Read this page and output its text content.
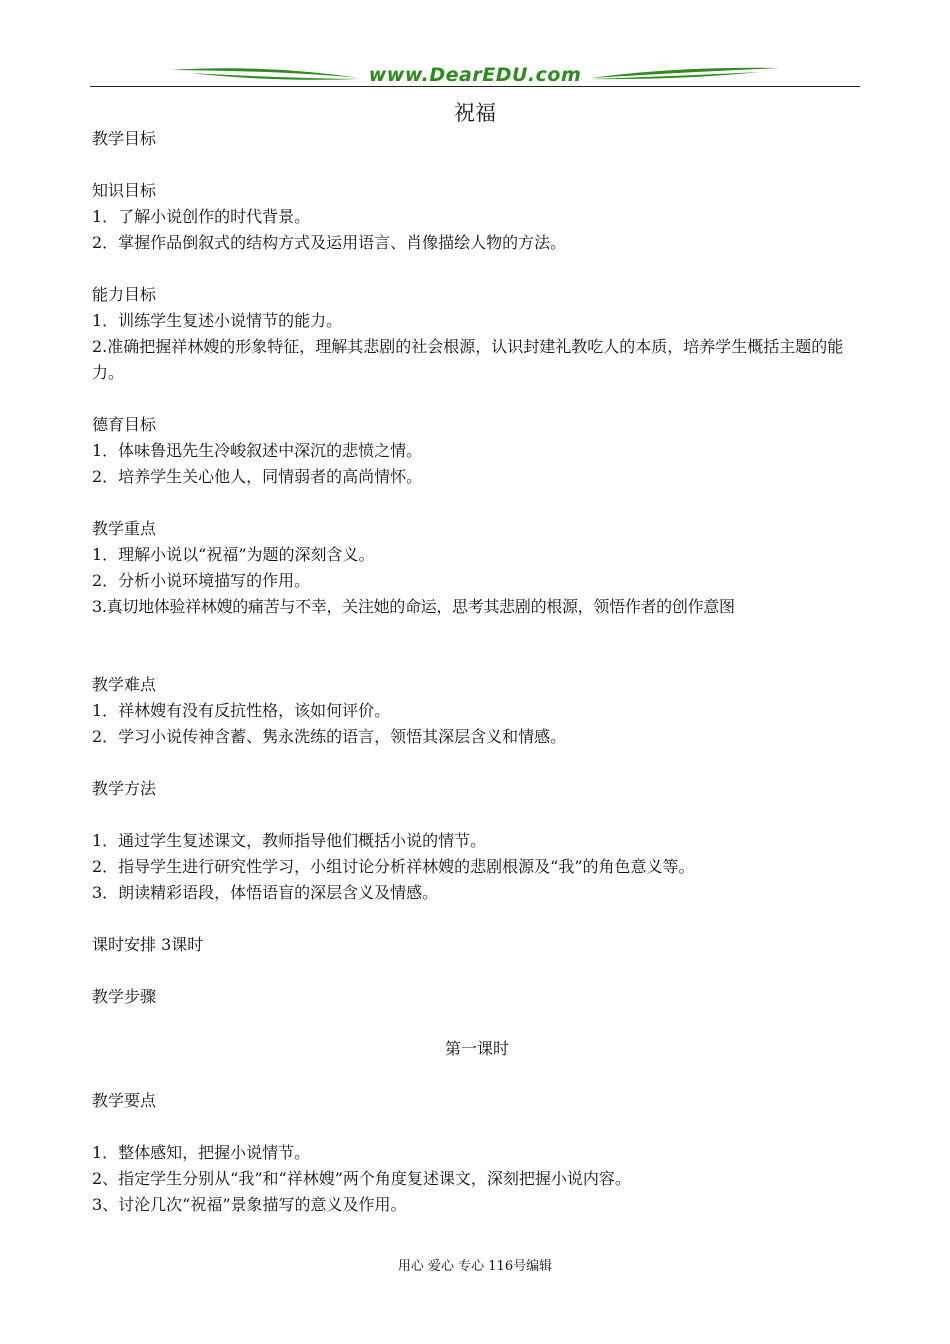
www.DearEDU.com
祝福

教学目标

知识目标

1．了解小说创作的时代背景。

2．掌握作品倒叙式的结构方式及运用语言、肖像描绘人物的方法。

能力目标

1．训练学生复述小说情节的能力。

2.准确把握祥林嫂的形象特征，理解其悲剧的社会根源，认识封建礼教吃人的本质，培养学生概括主题的能力。

德育目标

1．体味鲁迅先生冷峻叙述中深沉的悲愤之情。

2．培养学生关心他人，同情弱者的高尚情怀。

教学重点

1．理解小说以“祝福”为题的深刻含义。

2．分析小说环境描写的作用。

3.真切地体验祥林嫂的痛苦与不幸，关注她的命运，思考其悲剧的根源，领悟作者的创作意图

教学难点

1．祥林嫂有没有反抗性格，该如何评价。

2．学习小说传神含蓄、隽永洗练的语言，领悟其深层含义和情感。

教学方法

1．通过学生复述课文，教师指导他们概括小说的情节。

2．指导学生进行研究性学习，小组讨论分析祥林嫂的悲剧根源及“我”的角色意义等。

3．朗读精彩语段，体悟语盲的深层含义及情感。

课时安排 3课时

教学步骤

第一课时

教学要点

1．整体感知，把握小说情节。

2、指定学生分别从“我”和“祥林嫂”两个角度复述课文，深刻把握小说内容。

3、讨沦几次“祝福”景象描写的意义及作用。

用心 爱心 专心 116号编辑
